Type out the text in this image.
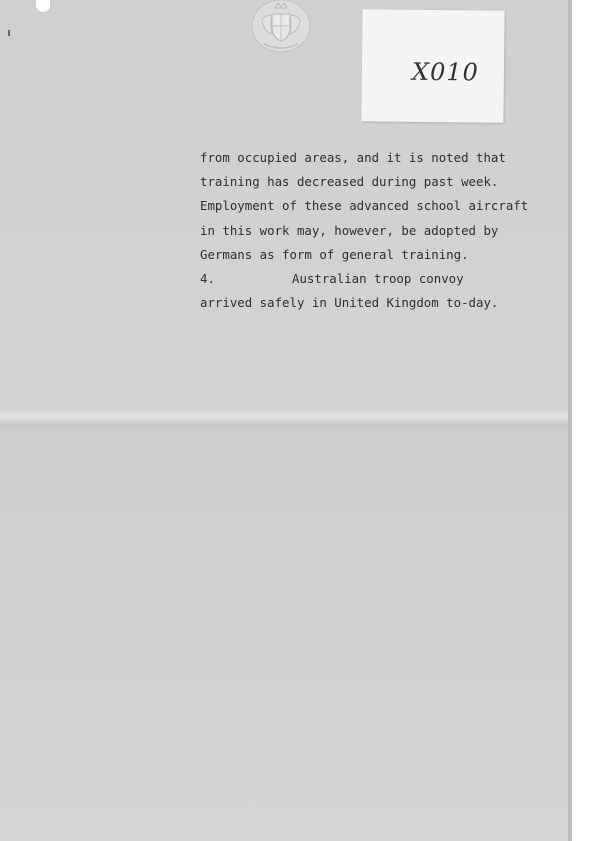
X010
from occupied areas, and it is noted that
training has decreased during past week.
Employment of these advanced school aircraft
in this work may, however, be adopted by
Germans as form of general training.
4.	Australian troop convoy
arrived safely in United Kingdom to-day.
